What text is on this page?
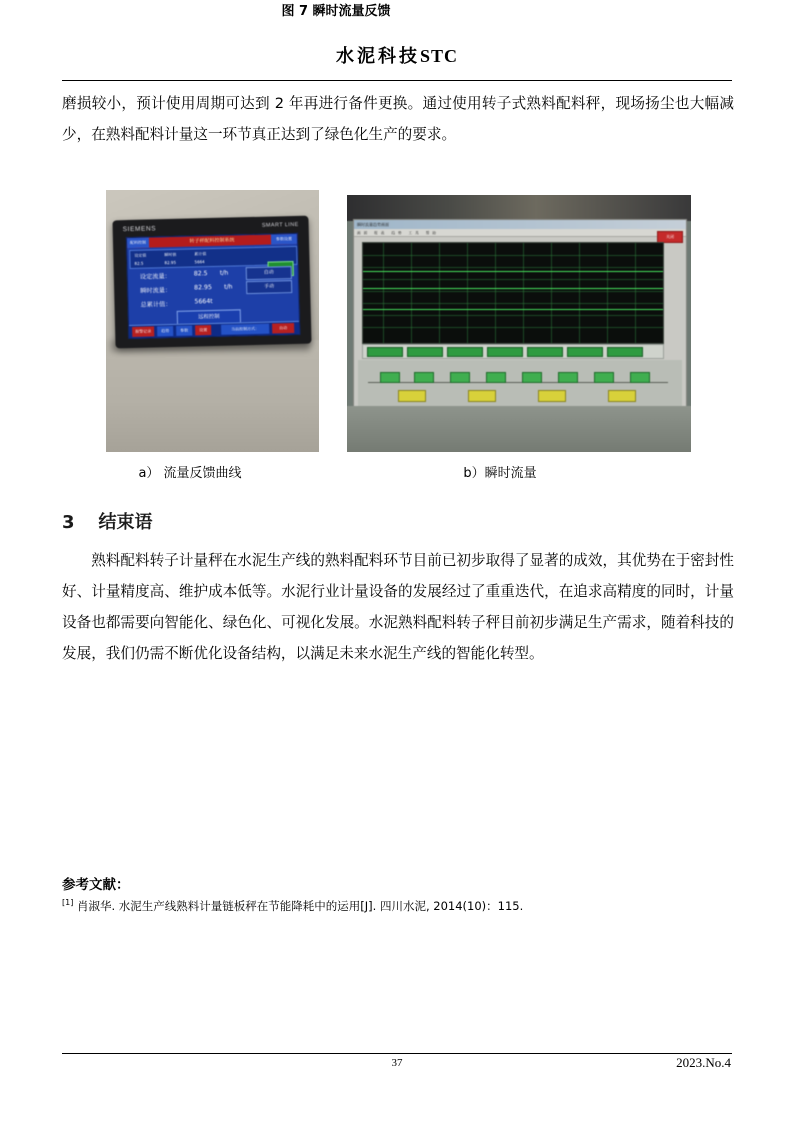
水泥科技STC
磨损较小，预计使用周期可达到 2 年再进行备件更换。通过使用转子式熟料配料秤，现场扬尘也大幅减少，在熟料配料计量这一环节真正达到了绿色化生产的要求。
SIEMENS
SMART LINE
转子秤配料控制系统
配料控制
参数设置
设定值	瞬时值	累计值
82.5	82.95	5664
设定流量：	82.5 t/h
瞬时流量：	82.95 t/h
总累计值：	5664t
自动
手动
远程控制
报警记录	趋势	参数	设置	当前控制方式：	自动
瞬时流量趋势画面
画面 报表 趋势 工具 帮助
关闭
a） 流量反馈曲线	b）瞬时流量
图 7 瞬时流量反馈
3 结束语
熟料配料转子计量秤在水泥生产线的熟料配料环节目前已初步取得了显著的成效，其优势在于密封性好、计量精度高、维护成本低等。水泥行业计量设备的发展经过了重重迭代，在追求高精度的同时，计量设备也都需要向智能化、绿色化、可视化发展。水泥熟料配料转子秤目前初步满足生产需求，随着科技的发展，我们仍需不断优化设备结构，以满足未来水泥生产线的智能化转型。
参考文献：
[1] 肖淑华. 水泥生产线熟料计量链板秤在节能降耗中的运用[J]. 四川水泥, 2014(10)：115.
37	2023.No.4
